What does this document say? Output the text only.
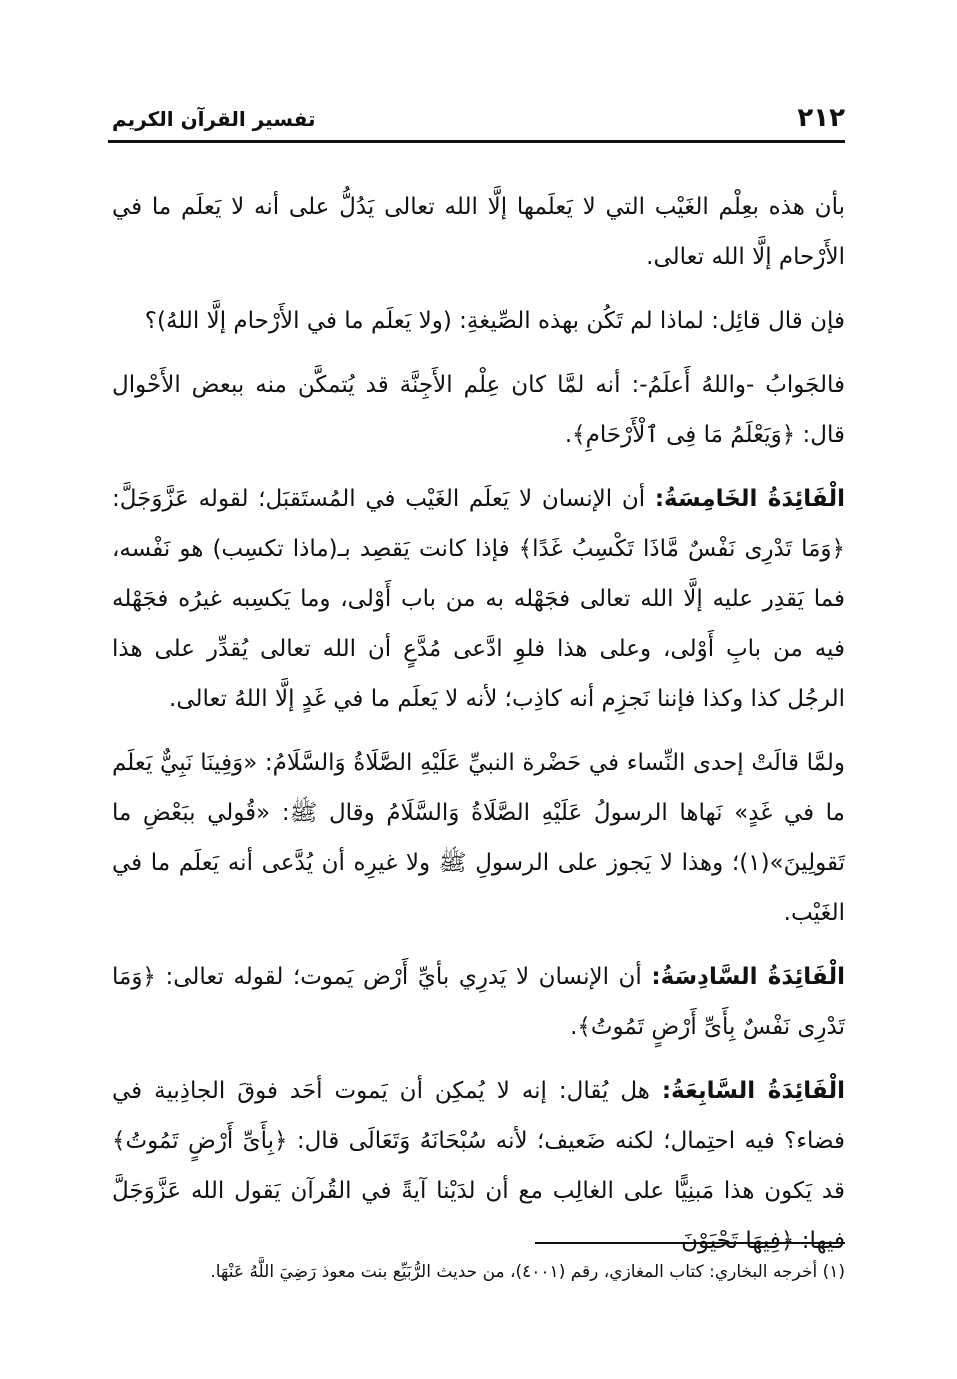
٢١٢
تفسير القرآن الكريم

بأن هذه بعِلْم الغَيْب التي لا يَعلَمها إلَّا الله تعالى يَدُلُّ على أنه لا يَعلَم ما في الأَرْحام إلَّا الله تعالى.

فإن قال قائِل: لماذا لم تَكُن بهذه الصِّيغةِ: (ولا يَعلَم ما في الأَرْحام إلَّا اللهُ)؟

فالجَوابُ -واللهُ أَعلَمُ-: أنه لمَّا كان عِلْم الأَجِنَّة قد يُتمكَّن منه ببعض الأَحْوال قال: ﴿وَيَعْلَمُ مَا فِى ٱلْأَرْحَامِ﴾.

الْفَائِدَةُ الخَامِسَةُ: أن الإنسان لا يَعلَم الغَيْب في المُستَقبَل؛ لقوله عَزَّوَجَلَّ: ﴿وَمَا تَدْرِى نَفْسٌ مَّاذَا تَكْسِبُ غَدًا﴾ فإذا كانت يَقصِد بـ(ماذا تكسِب) هو نَفْسه، فما يَقدِر عليه إلَّا الله تعالى فجَهْله به من باب أَوْلى، وما يَكسِبه غيرُه فجَهْله فيه من بابِ أَوْلى، وعلى هذا فلوِ ادَّعى مُدَّعٍ أن الله تعالى يُقدِّر على هذا الرجُل كذا وكذا فإننا نَجزِم أنه كاذِب؛ لأنه لا يَعلَم ما في غَدٍ إلَّا اللهُ تعالى.

ولمَّا قالَتْ إحدى النِّساء في حَضْرة النبيِّ عَلَيْهِ الصَّلَاةُ وَالسَّلَامُ: «وَفِينَا نَبِيٌّ يَعلَم ما في غَدٍ» نَهاها الرسولُ عَلَيْهِ الصَّلَاةُ وَالسَّلَامُ وقال ﷺ: «قُولي ببَعْضِ ما تَقولِينَ»(١)؛ وهذا لا يَجوز على الرسولِ ﷺ ولا غيرِه أن يُدَّعى أنه يَعلَم ما في الغَيْب.

الْفَائِدَةُ السَّادِسَةُ: أن الإنسان لا يَدرِي بأيِّ أَرْض يَموت؛ لقوله تعالى: ﴿وَمَا تَدْرِى نَفْسٌ بِأَىِّ أَرْضٍ تَمُوتُ﴾.

الْفَائِدَةُ السَّابِعَةُ: هل يُقال: إنه لا يُمكِن أن يَموت أحَد فوقَ الجاذِبية في فضاء؟ فيه احتِمال؛ لكنه ضَعيف؛ لأنه سُبْحَانَهُ وَتَعَالَى قال: ﴿بِأَىِّ أَرْضٍ تَمُوتُ﴾ قد يَكون هذا مَبنِيًّا على الغالِب مع أن لدَيْنا آيةً في القُرآن يَقول الله عَزَّوَجَلَّ فيها: ﴿فِيهَا تَحْيَوْنَ

(١) أخرجه البخاري: كتاب المغازي، رقم (٤٠٠١)، من حديث الرُّبَيِّع بنت معوذ رَضِيَ اللَّهُ عَنْهَا.
